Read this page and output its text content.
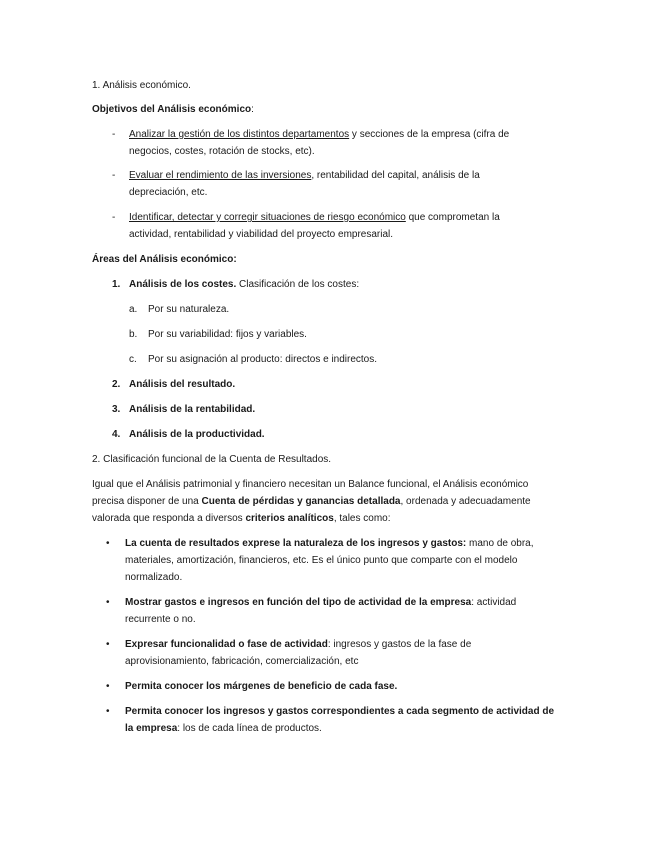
1. Análisis económico.
Objetivos del Análisis económico:
- Analizar la gestión de los distintos departamentos y secciones de la empresa (cifra de
negocios, costes, rotación de stocks, etc).
- Evaluar el rendimiento de las inversiones, rentabilidad del capital, análisis de la
depreciación, etc.
- Identificar, detectar y corregir situaciones de riesgo económico que comprometan la
actividad, rentabilidad y viabilidad del proyecto empresarial.
Áreas del Análisis económico:
1. Análisis de los costes. Clasificación de los costes:
a. Por su naturaleza.
b. Por su variabilidad: fijos y variables.
c. Por su asignación al producto: directos e indirectos.
2. Análisis del resultado.
3. Análisis de la rentabilidad.
4. Análisis de la productividad.
2. Clasificación funcional de la Cuenta de Resultados.
Igual que el Análisis patrimonial y financiero necesitan un Balance funcional, el Análisis económico
precisa disponer de una Cuenta de pérdidas y ganancias detallada, ordenada y adecuadamente
valorada que responda a diversos criterios analíticos, tales como:
• La cuenta de resultados expres​e la naturaleza de los ingresos y gastos: mano de obra,
materiales, amortización, financieros, etc. Es el único punto que comparte con el modelo
normalizado.
• Mostrar gastos e ingresos en función del tipo de actividad de la empresa: actividad
recurrente o no.
• Expresar funcionalidad o fase de actividad: ingresos y gastos de la fase de
aprovisionamiento, fabricación, comercialización, etc
• Permita conocer los márgenes de beneficio de cada fase.
• Permita conocer los ingresos y gastos correspondientes a cada segmento de actividad de
la empresa: los de cada línea de productos.
